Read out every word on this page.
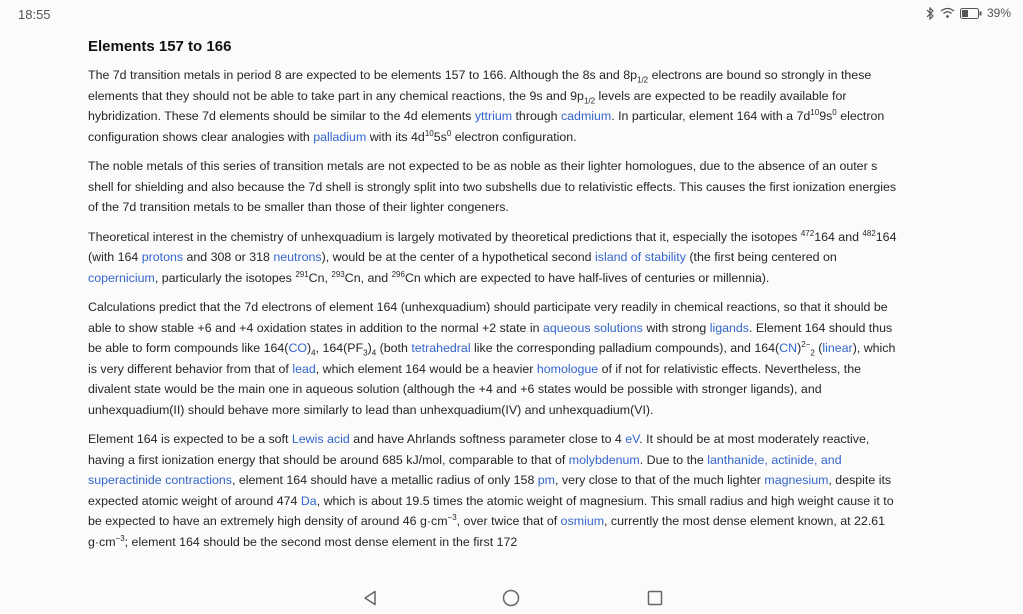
18:55	39%
Elements 157 to 166

The 7d transition metals in period 8 are expected to be elements 157 to 166. Although the 8s and $8p_{1/2}$ electrons are bound so strongly in these elements that they should not be able to take part in any chemical reactions, the 9s and $9p_{1/2}$ levels are expected to be readily available for hybridization. These 7d elements should be similar to the 4d elements yttrium through cadmium. In particular, element 164 with a $7d^{10}9s^0$ electron configuration shows clear analogies with palladium with its $4d^{10}5s^0$ electron configuration.

The noble metals of this series of transition metals are not expected to be as noble as their lighter homologues, due to the absence of an outer s shell for shielding and also because the 7d shell is strongly split into two subshells due to relativistic effects. This causes the first ionization energies of the 7d transition metals to be smaller than those of their lighter congeners.

Theoretical interest in the chemistry of unhexquadium is largely motivated by theoretical predictions that it, especially the isotopes $^{472}$164 and $^{482}$164 (with 164 protons and 308 or 318 neutrons), would be at the center of a hypothetical second island of stability (the first being centered on copernicium, particularly the isotopes $^{291}$Cn, $^{293}$Cn, and $^{296}$Cn which are expected to have half-lives of centuries or millennia).

Calculations predict that the 7d electrons of element 164 (unhexquadium) should participate very readily in chemical reactions, so that it should be able to show stable +6 and +4 oxidation states in addition to the normal +2 state in aqueous solutions with strong ligands. Element 164 should thus be able to form compounds like $164(CO)_4$, $164(PF_3)_4$ (both tetrahedral like the corresponding palladium compounds), and 164(CN)$^{2-}_2$ (linear), which is very different behavior from that of lead, which element 164 would be a heavier homologue of if not for relativistic effects. Nevertheless, the divalent state would be the main one in aqueous solution (although the +4 and +6 states would be possible with stronger ligands), and unhexquadium(II) should behave more similarly to lead than unhexquadium(IV) and unhexquadium(VI).

Element 164 is expected to be a soft Lewis acid and have Ahrlands softness parameter close to 4 eV. It should be at most moderately reactive, having a first ionization energy that should be around 685 kJ/mol, comparable to that of molybdenum. Due to the lanthanide, actinide, and superactinide contractions, element 164 should have a metallic radius of only 158 pm, very close to that of the much lighter magnesium, despite its expected atomic weight of around 474 Da, which is about 19.5 times the atomic weight of magnesium. This small radius and high weight cause it to be expected to have an extremely high density of around 46 $g\cdot cm^{-3}$, over twice that of osmium, currently the most dense element known, at 22.61 $g\cdot cm^{-3}$; element 164 should be the second most dense element in the first 172
